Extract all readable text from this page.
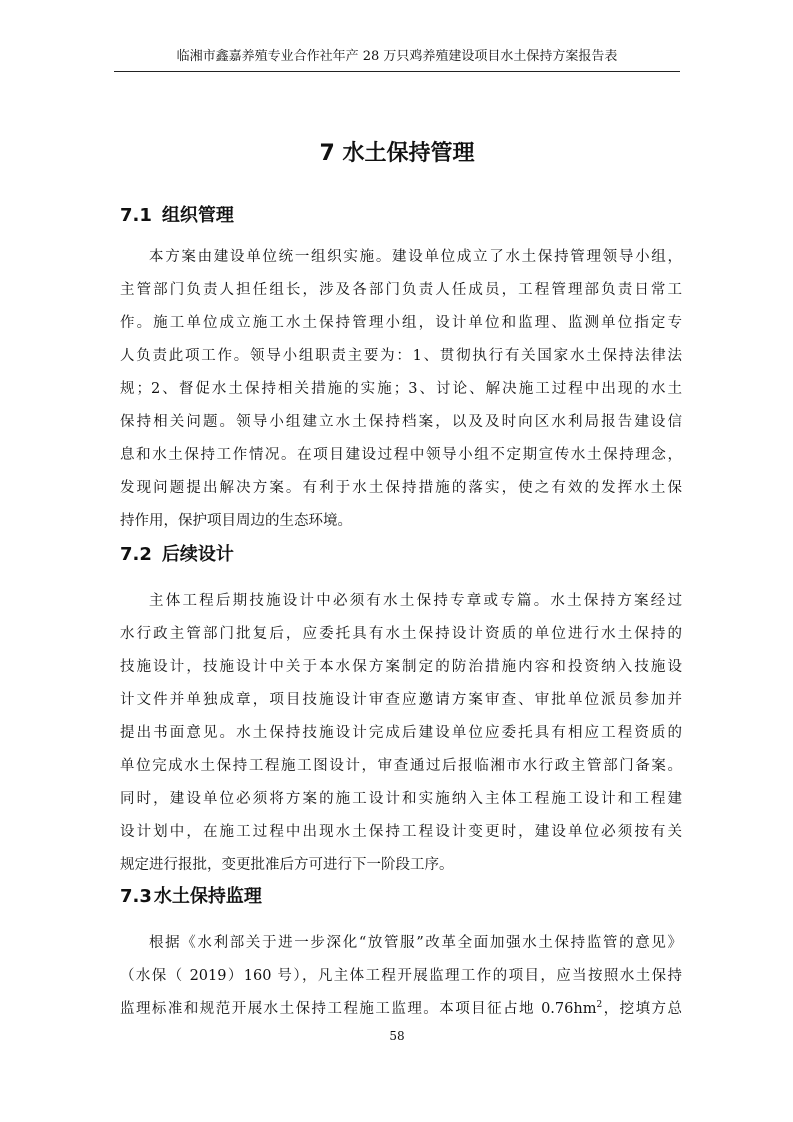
临湘市鑫嘉养殖专业合作社年产 28 万只鸡养殖建设项目水土保持方案报告表
7 水土保持管理
7.1 组织管理
本方案由建设单位统一组织实施。建设单位成立了水土保持管理领导小组，
主管部门负责人担任组长，涉及各部门负责人任成员，工程管理部负责日常工
作。施工单位成立施工水土保持管理小组，设计单位和监理、监测单位指定专
人负责此项工作。领导小组职责主要为：1、贯彻执行有关国家水土保持法律法
规；2、督促水土保持相关措施的实施；3、讨论、解决施工过程中出现的水土
保持相关问题。领导小组建立水土保持档案，以及及时向区水利局报告建设信
息和水土保持工作情况。在项目建设过程中领导小组不定期宣传水土保持理念，
发现问题提出解决方案。有利于水土保持措施的落实，使之有效的发挥水土保
持作用，保护项目周边的生态环境。
7.2 后续设计
主体工程后期技施设计中必须有水土保持专章或专篇。水土保持方案经过
水行政主管部门批复后，应委托具有水土保持设计资质的单位进行水土保持的
技施设计，技施设计中关于本水保方案制定的防治措施内容和投资纳入技施设
计文件并单独成章，项目技施设计审查应邀请方案审查、审批单位派员参加并
提出书面意见。水土保持技施设计完成后建设单位应委托具有相应工程资质的
单位完成水土保持工程施工图设计，审查通过后报临湘市水行政主管部门备案。
同时，建设单位必须将方案的施工设计和实施纳入主体工程施工设计和工程建
设计划中，在施工过程中出现水土保持工程设计变更时，建设单位必须按有关
规定进行报批，变更批准后方可进行下一阶段工序。
7.3 水土保持监理
根据《水利部关于进一步深化“放管服”改革全面加强水土保持监管的意见》
（水保（ 2019）160 号），凡主体工程开展监理工作的项目，应当按照水土保持
监理标准和规范开展水土保持工程施工监理。本项目征占地 $0.76hm^2$，挖填方总
58
